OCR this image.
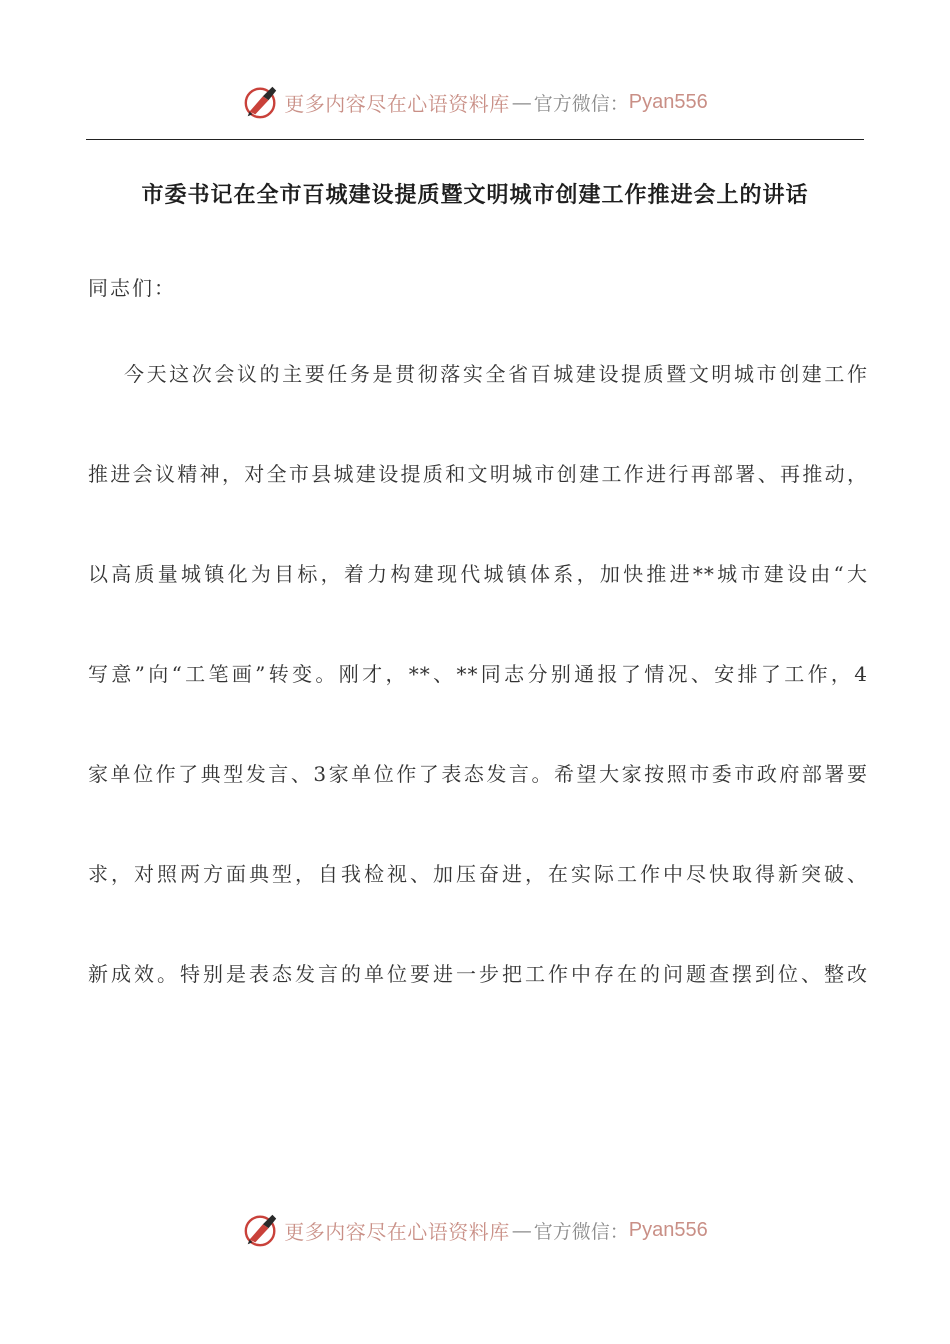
更多内容尽在心语资料库 — 官方微信： Pyan556
市委书记在全市百城建设提质暨文明城市创建工作推进会上的讲话
同志们：
今天这次会议的主要任务是贯彻落实全省百城建设提质暨文明城市创建工作
推进会议精神，对全市县城建设提质和文明城市创建工作进行再部署、再推动，
以高质量城镇化为目标，着力构建现代城镇体系，加快推进**城市建设由“大
写意”向“工笔画”转变。刚才，**、**同志分别通报了情况、安排了工作，4
家单位作了典型发言、3家单位作了表态发言。希望大家按照市委市政府部署要
求，对照两方面典型，自我检视、加压奋进，在实际工作中尽快取得新突破、
新成效。特别是表态发言的单位要进一步把工作中存在的问题查摆到位、整改
更多内容尽在心语资料库 — 官方微信： Pyan556
